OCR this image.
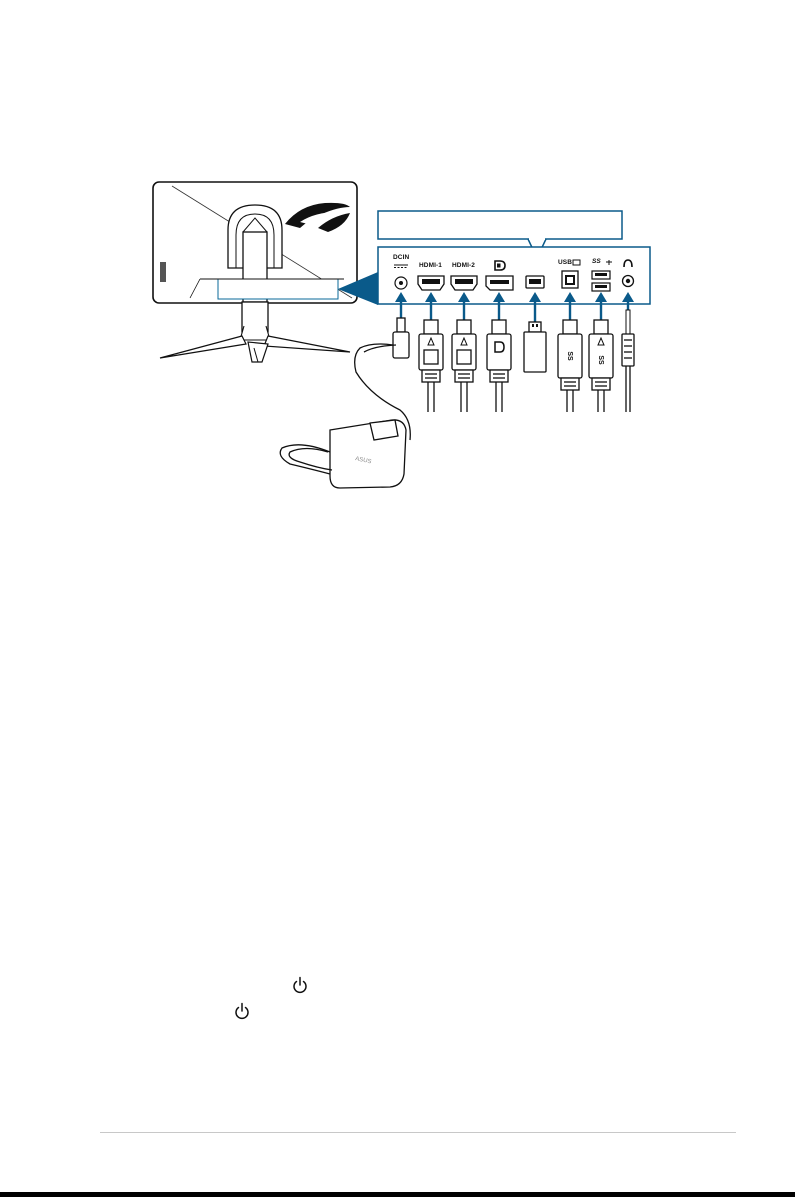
SS	SS
ASUS
DCIN
HDMI-1 HDMI-2	USB	SS
